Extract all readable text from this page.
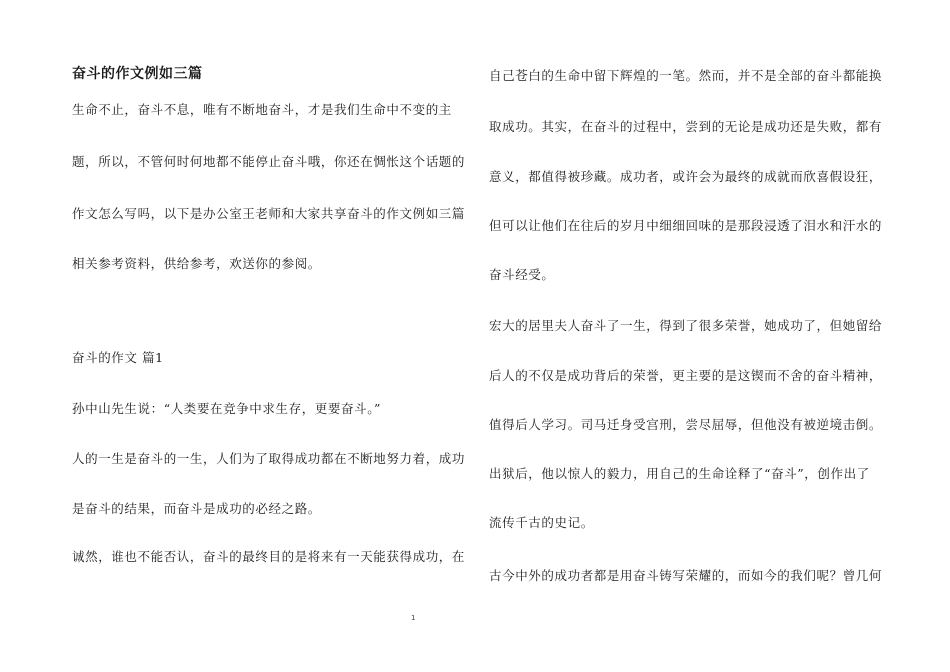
奋斗的作文例如三篇
生命不止，奋斗不息，唯有不断地奋斗，才是我们生命中不变的主
题，所以，不管何时何地都不能停止奋斗哦，你还在惆怅这个话题的
作文怎么写吗，以下是办公室王老师和大家共享奋斗的作文例如三篇
相关参考资料，供给参考，欢送你的参阅。
奋斗的作文 篇1
孙中山先生说：“人类要在竞争中求生存，更要奋斗。”
人的一生是奋斗的一生，人们为了取得成功都在不断地努力着，成功
是奋斗的结果，而奋斗是成功的必经之路。
诚然，谁也不能否认，奋斗的最终目的是将来有一天能获得成功，在
自己苍白的生命中留下辉煌的一笔。然而，并不是全部的奋斗都能换
取成功。其实，在奋斗的过程中，尝到的无论是成功还是失败，都有
意义，都值得被珍藏。成功者，或许会为最终的成就而欣喜假设狂，
但可以让他们在往后的岁月中细细回味的是那段浸透了泪水和汗水的
奋斗经受。
宏大的居里夫人奋斗了一生，得到了很多荣誉，她成功了，但她留给
后人的不仅是成功背后的荣誉，更主要的是这锲而不舍的奋斗精神，
值得后人学习。司马迁身受宫刑，尝尽屈辱，但他没有被逆境击倒。
出狱后，他以惊人的毅力，用自己的生命诠释了“奋斗”，创作出了
流传千古的史记。
古今中外的成功者都是用奋斗铸写荣耀的，而如今的我们呢？曾几何
1
